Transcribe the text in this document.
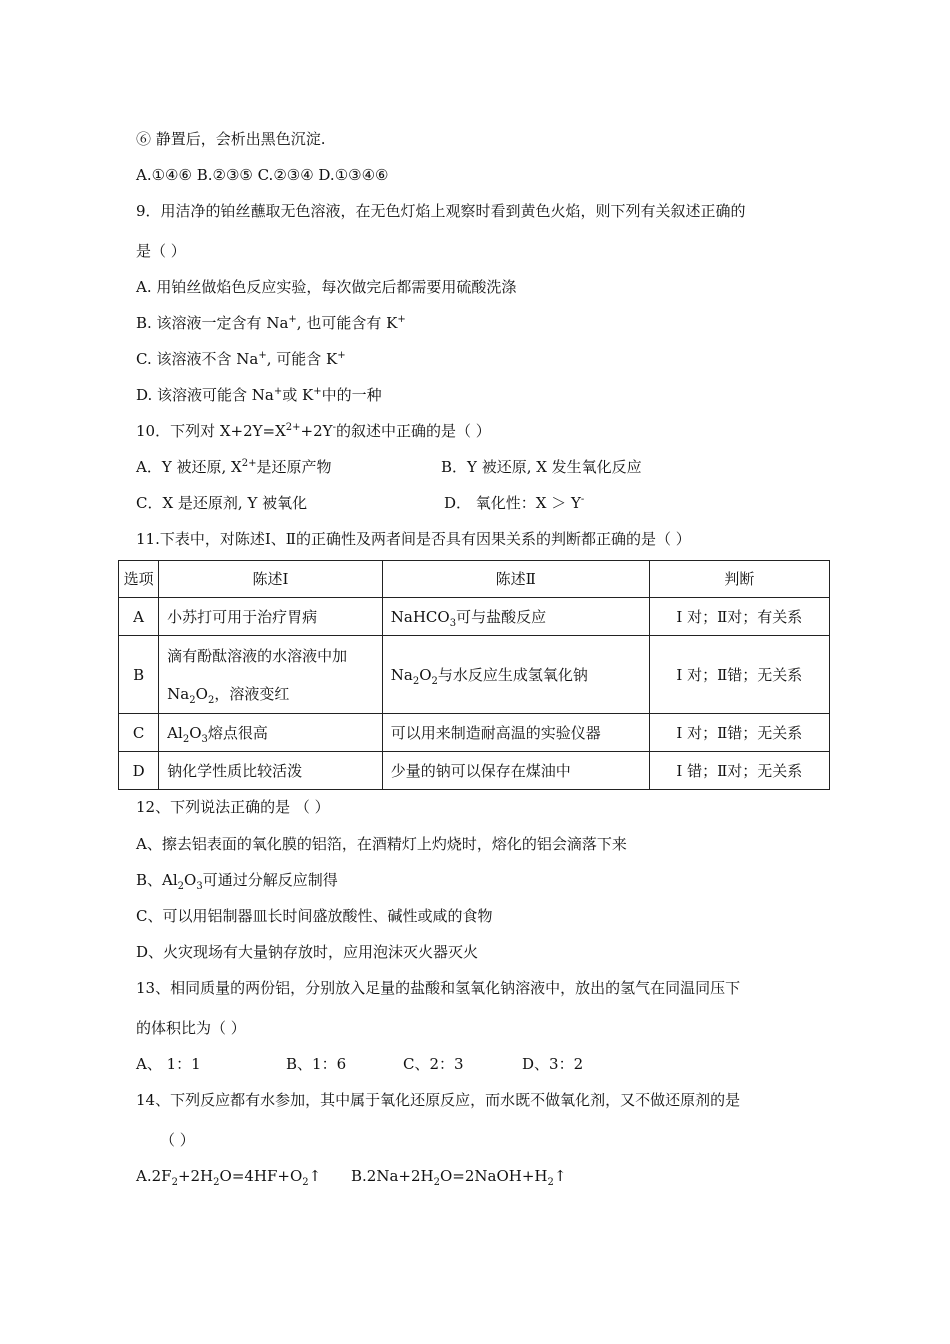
⑥ 静置后，会析出黑色沉淀.
A.①④⑥ B.②③⑤ C.②③④ D.①③④⑥
9．用洁净的铂丝蘸取无色溶液，在无色灯焰上观察时看到黄色火焰，则下列有关叙述正确的
是（ ）
A. 用铂丝做焰色反应实验，每次做完后都需要用硫酸洗涤
B. 该溶液一定含有 Na+, 也可能含有 K+
C. 该溶液不含 Na+, 可能含 K+
D. 该溶液可能含 Na+或 K+中的一种
10．下列对 $X+2Y=X^{2+}+2Y^-$的叙述中正确的是（ ）
A．Y 被还原, $X^{2+}$是还原产物	B．Y 被还原, X 发生氧化反应
C．X 是还原剂, Y 被氧化	D． 氧化性：X ＞ Y-
11.下表中，对陈述Ⅰ、Ⅱ的正确性及两者间是否具有因果关系的判断都正确的是（ ）
选项	陈述Ⅰ	陈述Ⅱ	判断
A	小苏打可用于治疗胃病	NaHCO$_3$可与盐酸反应	Ⅰ 对；Ⅱ对；有关系
B	滴有酚酞溶液的水溶液中加
$Na_2O_2$，溶液变红	$Na_2O_2$与水反应生成氢氧化钠	Ⅰ 对；Ⅱ错；无关系
C	$Al_2O_3$熔点很高	可以用来制造耐高温的实验仪器	Ⅰ 对；Ⅱ错；无关系
D	钠化学性质比较活泼	少量的钠可以保存在煤油中	Ⅰ 错；Ⅱ对；无关系
12、下列说法正确的是 （ ）
A、擦去铝表面的氧化膜的铝箔，在酒精灯上灼烧时，熔化的铝会滴落下来
B、$Al_2O_3$可通过分解反应制得
C、可以用铝制器皿长时间盛放酸性、碱性或咸的食物
D、火灾现场有大量钠存放时，应用泡沫灭火器灭火
13、相同质量的两份铝，分别放入足量的盐酸和氢氧化钠溶液中，放出的氢气在同温同压下
的体积比为（ ）
A、 1：1	B、1：6	C、2：3	D、3：2
14、下列反应都有水参加，其中属于氧化还原反应，而水既不做氧化剂，又不做还原剂的是
（ ）
$A.2F_2+2H_2O=4HF+O_2↑$ $B.2Na+2H_2O=2NaOH+H_2↑$
